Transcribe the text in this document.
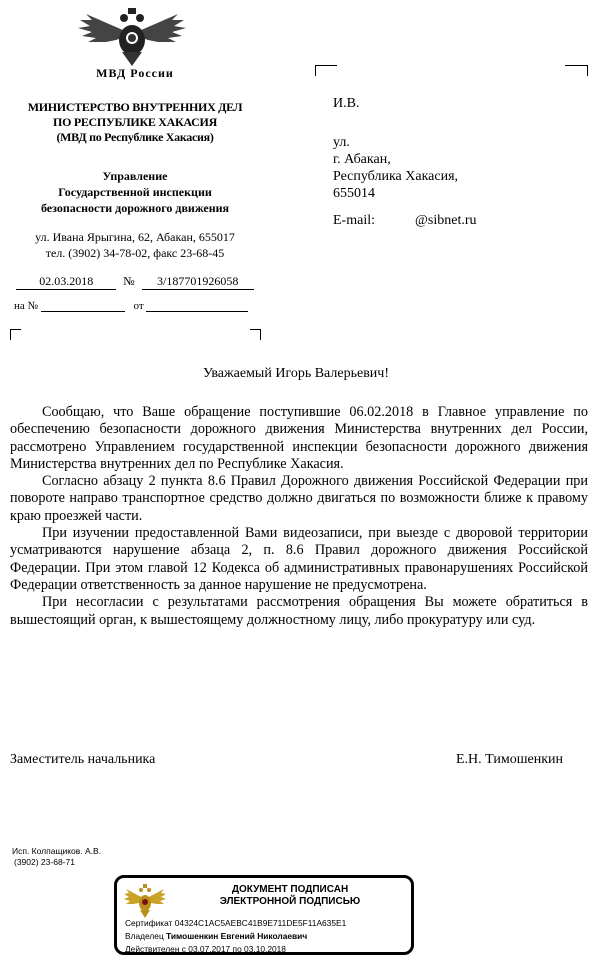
МВД России
МИНИСТЕРСТВО ВНУТРЕННИХ ДЕЛ
ПО РЕСПУБЛИКЕ ХАКАСИЯ
(МВД по Республике Хакасия)
Управление
Государственной инспекции
безопасности дорожного движения
ул. Ивана Ярыгина, 62, Абакан, 655017
тел. (3902) 34-78-02, факс 23-68-45
02.03.2018	№ 3/187701926058
на №	от
И.В.
ул.
г. Абакан,
Республика Хакасия,
655014
E-mail:	@sibnet.ru
Уважаемый Игорь Валерьевич!

Сообщаю, что Ваше обращение поступившие 06.02.2018 в Главное управление по обеспечению безопасности дорожного движения Министерства внутренних дел России, рассмотрено Управлением государственной инспекции безопасности дорожного движения Министерства внутренних дел по Республике Хакасия.

Согласно абзацу 2 пункта 8.6 Правил Дорожного движения Российской Федерации при повороте направо транспортное средство должно двигаться по возможности ближе к правому краю проезжей части.

При изучении предоставленной Вами видеозаписи, при выезде с дворовой территории усматриваются нарушение абзаца 2, п. 8.6 Правил дорожного движения Российской Федерации. При этом главой 12 Кодекса об административных правонарушениях Российской Федерации ответственность за данное нарушение не предусмотрена.

При несогласии с результатами рассмотрения обращения Вы можете обратиться в вышестоящий орган, к вышестоящему должностному лицу, либо прокуратуру или суд.

Заместитель начальника	Е.Н. Тимошенкин
Исп. Колпащиков. А.В.
(3902) 23-68-71
ДОКУМЕНТ ПОДПИСАН
ЭЛЕКТРОННОЙ ПОДПИСЬЮ
Сертификат 04324C1AC5AEBC41B9E711DE5F11A635E1
Владелец Тимошенкин Евгений Николаевич
Действителен с 03.07.2017 по 03.10.2018
